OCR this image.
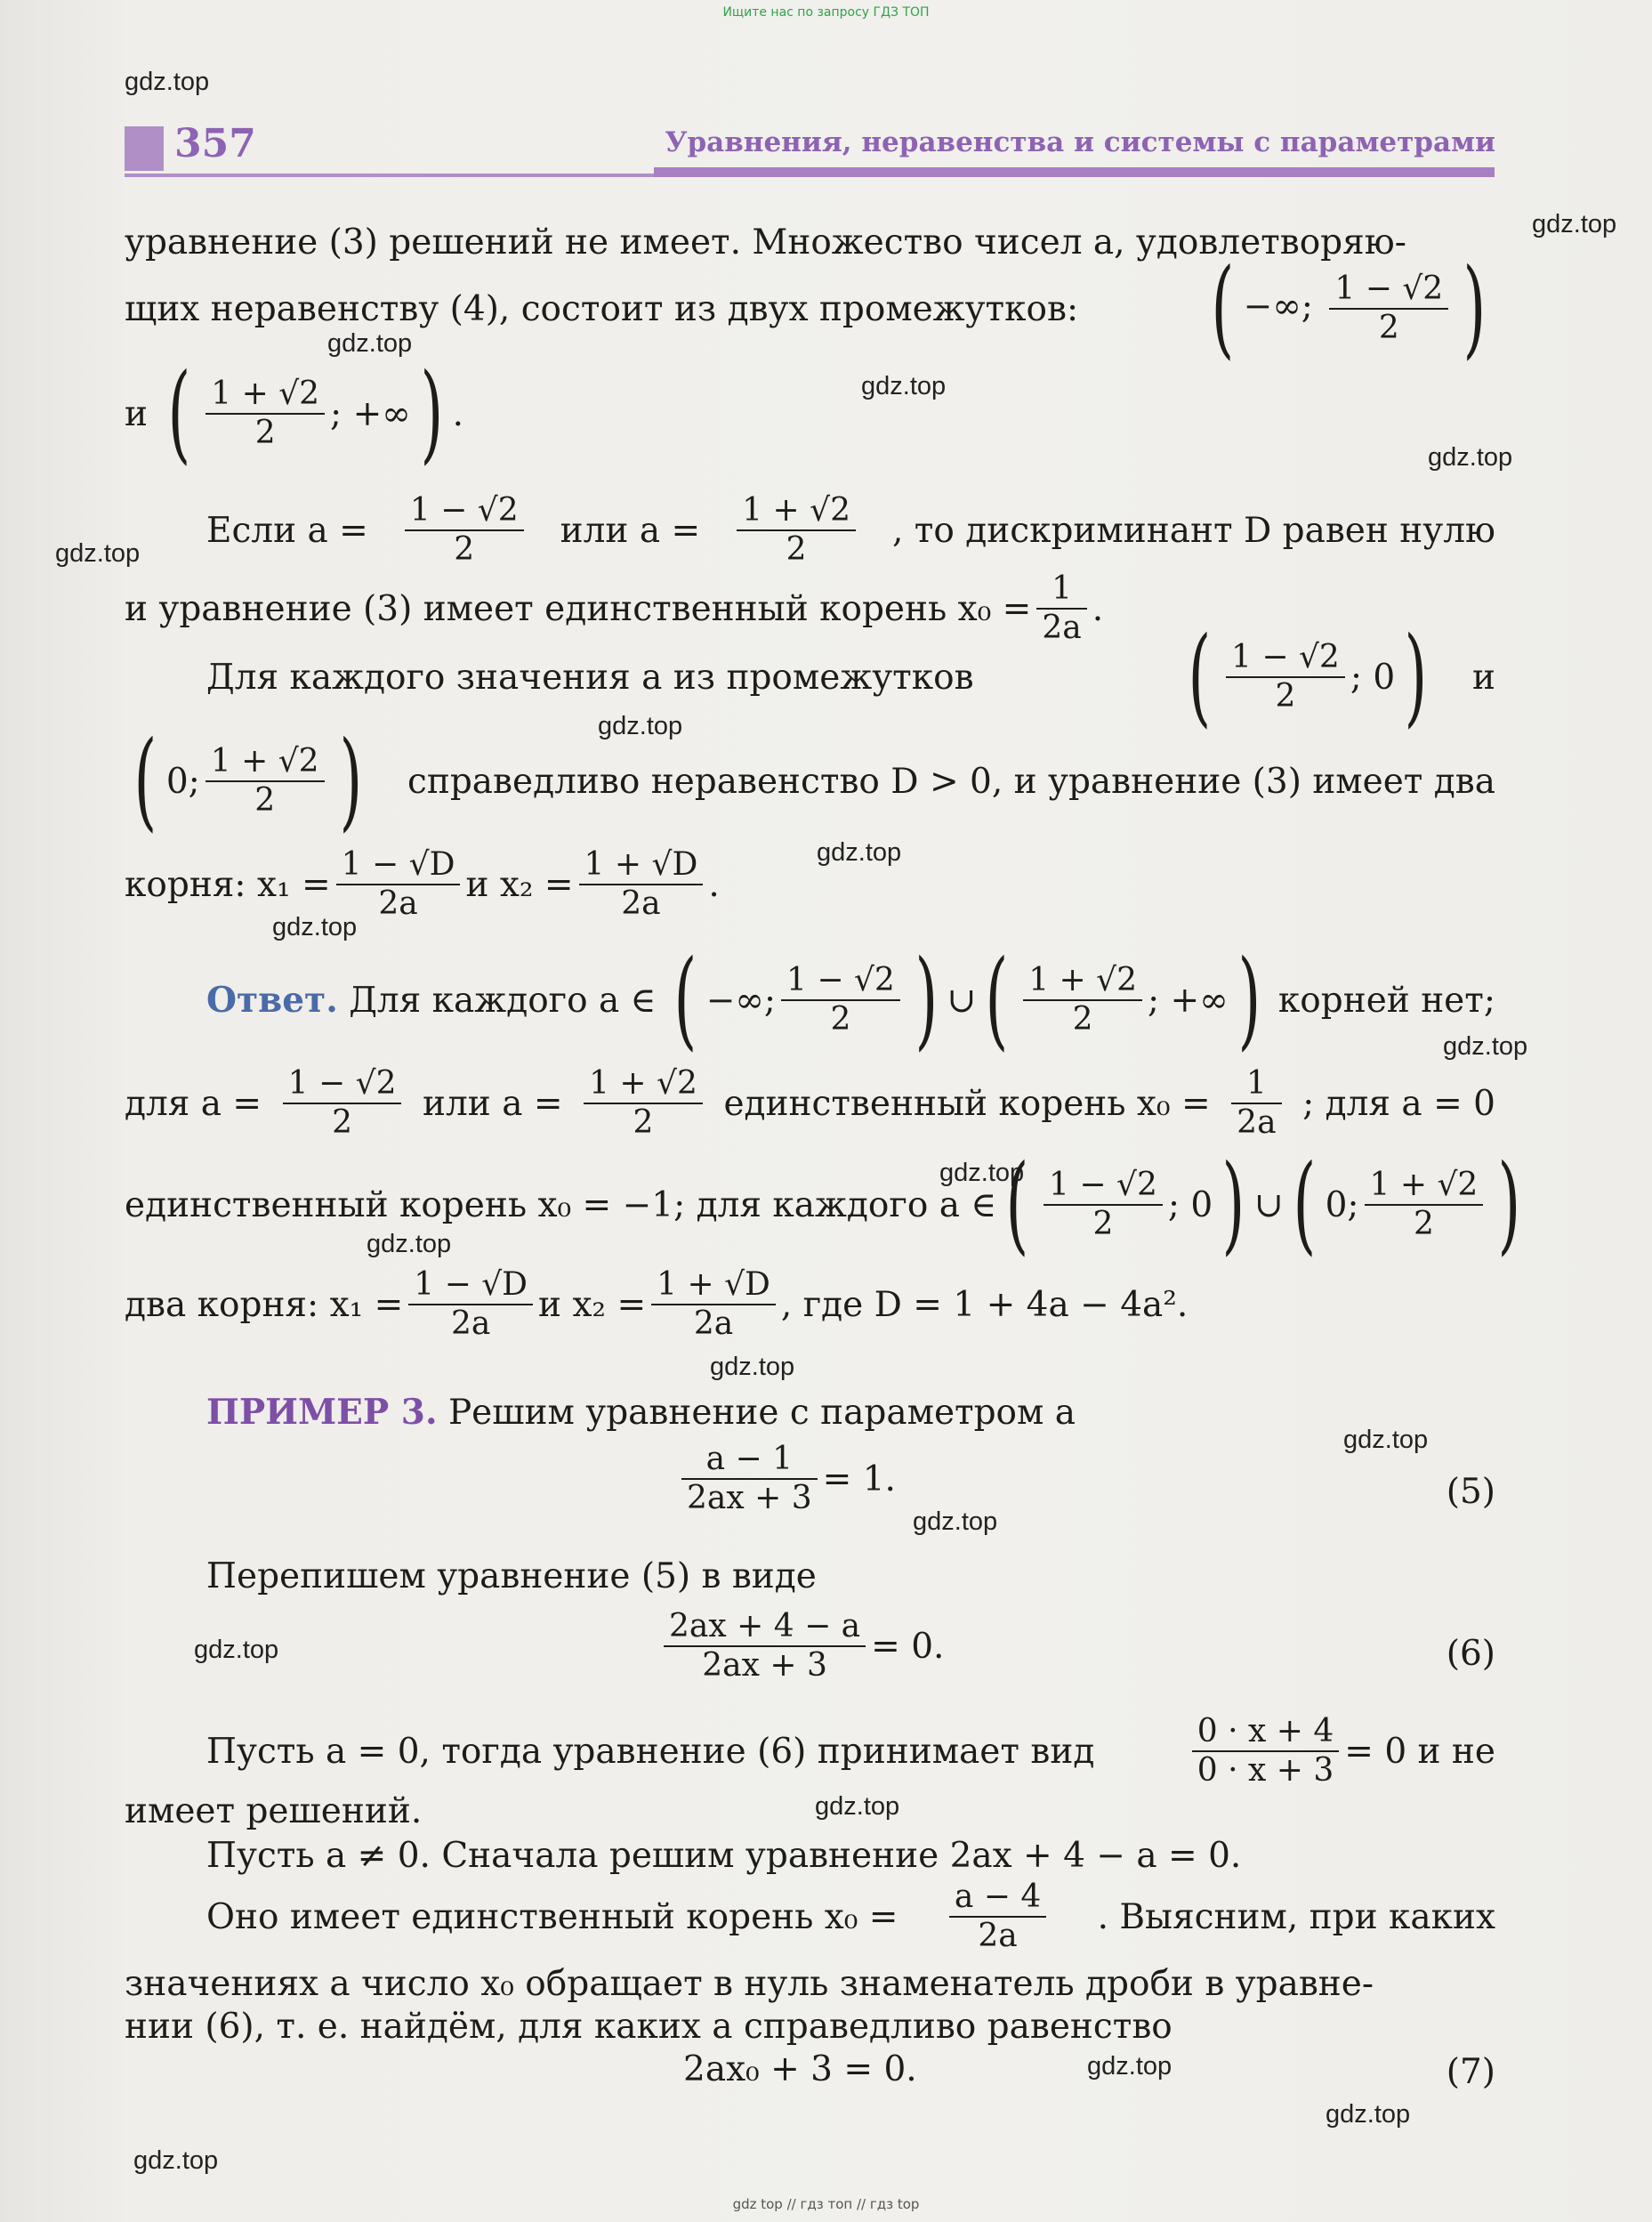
Ищите нас по запросу ГДЗ ТОП
357	Уравнения, неравенства и системы с параметрами
gdz.top
gdz.top
gdz.top
gdz.top
gdz.top
gdz.top
gdz.top
gdz.top
gdz.top
gdz.top
gdz.top
gdz.top
gdz.top
gdz.top
gdz.top
gdz.top
gdz.top
gdz.top
gdz.top
gdz.top
уравнение (3) решений не имеет. Множество чисел a, удовлетворяю-
щих неравенству (4), состоит из двух промежутков: ( −∞; $\frac{1 - √2}{2}$ )
и
( $\frac{1 + √2}{2}$ ; +∞ ) .
Если $a = \frac{1 - √2}{2}$ или $a = \frac{1 + √2}{2}$ , то дискриминант D равен нулю
и уравнение (3) имеет единственный корень $x_0 = \frac{1}{2a}$ .
Для каждого значения a из промежутков ( $\frac{1 - √2}{2}$ ; 0 ) и
( 0; $\frac{1 + √2}{2}$ ) справедливо неравенство D > 0, и уравнение (3) имеет два
корня: $x_1 = \frac{1 - √D}{2a}$ и $x_2 = \frac{1 + √D}{2a}$ .
Ответ. Для каждого a ∈ ( −∞; $\frac{1 - √2}{2}$ ) ∪ ( $\frac{1 + √2}{2}$ ; +∞ ) корней нет;
для $a = \frac{1 - √2}{2}$ или $a = \frac{1 + √2}{2}$ единственный корень $x_0 = \frac{1}{2a}$ ; для a = 0
единственный корень x₀ = −1; для каждого a ∈ ( $\frac{1 - √2}{2}$ ; 0 ) ∪ ( 0; $\frac{1 + √2}{2}$ )
два корня: $x_1 = \frac{1 - √D}{2a}$ и $x_2 = \frac{1 + √D}{2a}$ , где D = 1 + 4a − 4a².
ПРИМЕР 3. Решим уравнение с параметром a
$\frac{a - 1}{2ax + 3} = 1$.	(5)
Перепишем уравнение (5) в виде
$\frac{2ax + 4 - a}{2ax + 3} = 0$.	(6)
Пусть a = 0, тогда уравнение (6) принимает вид	$\frac{0 \cdot x + 4}{0 \cdot x + 3} = 0$ и не
имеет решений.
Пусть a ≠ 0. Сначала решим уравнение 2ax + 4 − a = 0.
Оно имеет единственный корень $x_0 = \frac{a - 4}{2a}$ . Выясним, при каких
значениях a число x₀ обращает в нуль знаменатель дроби в уравне-
нии (6), т. е. найдём, для каких a справедливо равенство
2ax₀ + 3 = 0.	(7)
gdz top // гдз топ // гдз top
